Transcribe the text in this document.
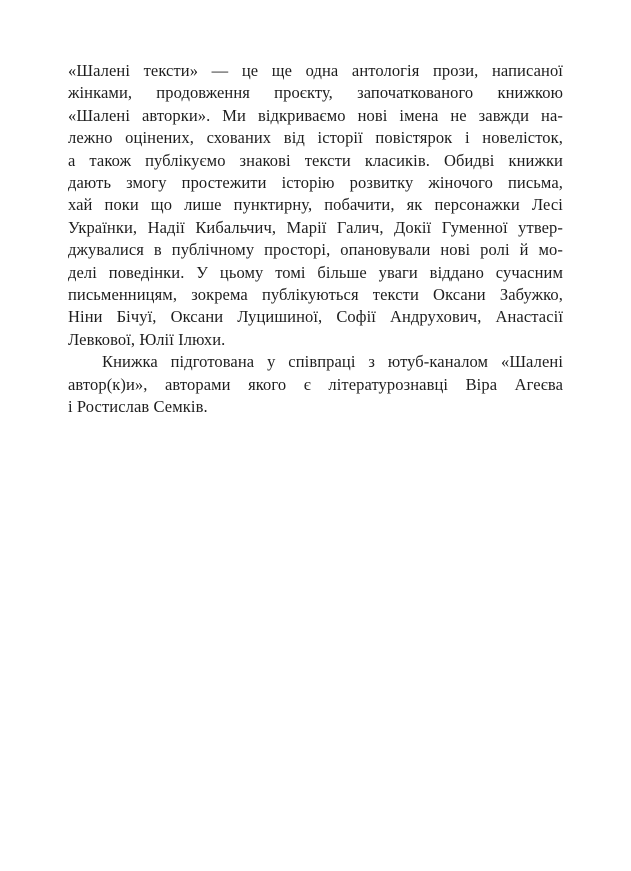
«Шалені тексти» — це ще одна антологія прози, написаної
жінками, продовження проєкту, започаткованого книжкою
«Шалені авторки». Ми відкриваємо нові імена не завжди на-
лежно оцінених, схованих від історії повістярок і новелісток,
а також публікуємо знакові тексти класиків. Обидві книжки
дають змогу простежити історію розвитку жіночого письма,
хай поки що лише пунктирну, побачити, як персонажки Лесі
Українки, Надії Кибальчич, Марії Галич, Докії Гуменної утвер-
джувалися в публічному просторі, опановували нові ролі й мо-
делі поведінки. У цьому томі більше уваги віддано сучасним
письменницям, зокрема публікуються тексти Оксани Забужко,
Ніни Бічуї, Оксани Луцишиної, Софії Андрухович, Анастасії
Левкової, Юлії Ілюхи.
Книжка підготована у співпраці з ютуб-каналом «Шалені
автор(к)и», авторами якого є літературознавці Віра Агеєва
і Ростислав Семків.
